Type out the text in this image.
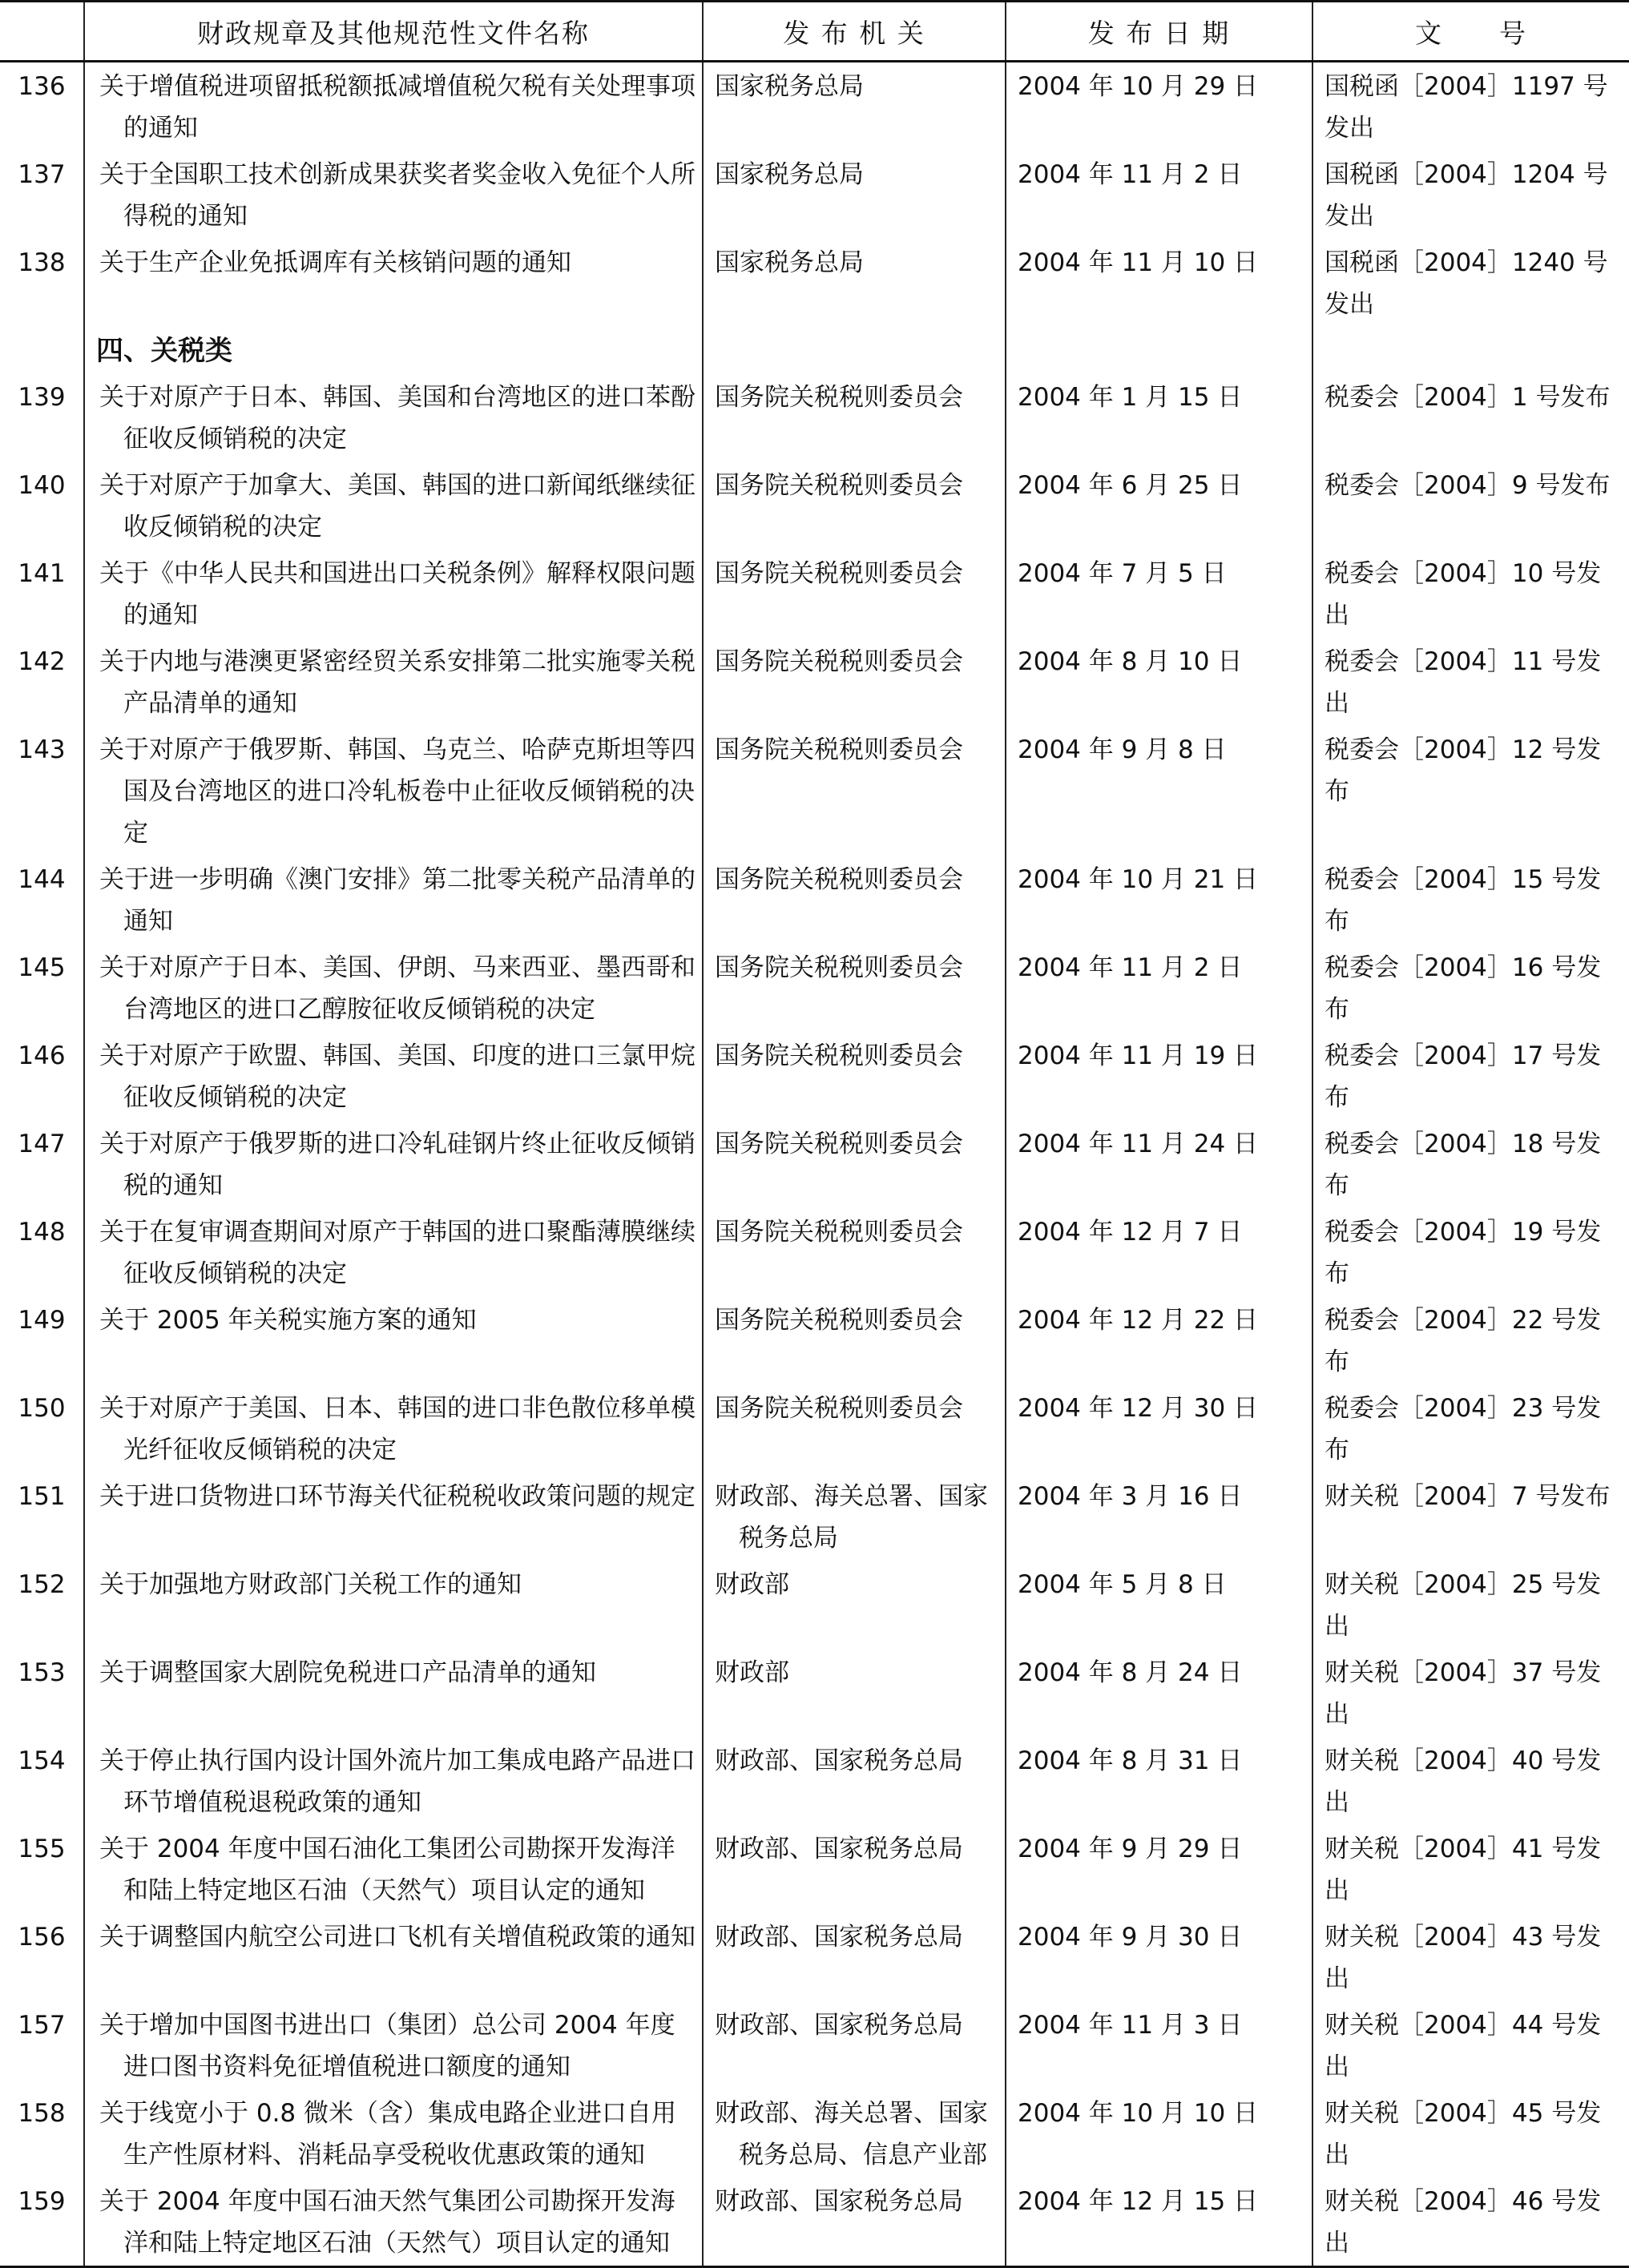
	财政规章及其他规范性文件名称	发 布 机 关	发 布 日 期	文　　号
136	关于增值税进项留抵税额抵减增值税欠税有关处理事项的通知	国家税务总局	2004 年 10 月 29 日	国税函［2004］1197 号发出
137	关于全国职工技术创新成果获奖者奖金收入免征个人所得税的通知	国家税务总局	2004 年 11 月 2 日	国税函［2004］1204 号发出
138	关于生产企业免抵调库有关核销问题的通知	国家税务总局	2004 年 11 月 10 日	国税函［2004］1240 号发出
	四、关税类			
139	关于对原产于日本、韩国、美国和台湾地区的进口苯酚征收反倾销税的决定	国务院关税税则委员会	2004 年 1 月 15 日	税委会［2004］1 号发布
140	关于对原产于加拿大、美国、韩国的进口新闻纸继续征收反倾销税的决定	国务院关税税则委员会	2004 年 6 月 25 日	税委会［2004］9 号发布
141	关于《中华人民共和国进出口关税条例》解释权限问题的通知	国务院关税税则委员会	2004 年 7 月 5 日	税委会［2004］10 号发出
142	关于内地与港澳更紧密经贸关系安排第二批实施零关税产品清单的通知	国务院关税税则委员会	2004 年 8 月 10 日	税委会［2004］11 号发出
143	关于对原产于俄罗斯、韩国、乌克兰、哈萨克斯坦等四国及台湾地区的进口冷轧板卷中止征收反倾销税的决定	国务院关税税则委员会	2004 年 9 月 8 日	税委会［2004］12 号发布
144	关于进一步明确《澳门安排》第二批零关税产品清单的通知	国务院关税税则委员会	2004 年 10 月 21 日	税委会［2004］15 号发布
145	关于对原产于日本、美国、伊朗、马来西亚、墨西哥和台湾地区的进口乙醇胺征收反倾销税的决定	国务院关税税则委员会	2004 年 11 月 2 日	税委会［2004］16 号发布
146	关于对原产于欧盟、韩国、美国、印度的进口三氯甲烷征收反倾销税的决定	国务院关税税则委员会	2004 年 11 月 19 日	税委会［2004］17 号发布
147	关于对原产于俄罗斯的进口冷轧硅钢片终止征收反倾销税的通知	国务院关税税则委员会	2004 年 11 月 24 日	税委会［2004］18 号发布
148	关于在复审调查期间对原产于韩国的进口聚酯薄膜继续征收反倾销税的决定	国务院关税税则委员会	2004 年 12 月 7 日	税委会［2004］19 号发布
149	关于 2005 年关税实施方案的通知	国务院关税税则委员会	2004 年 12 月 22 日	税委会［2004］22 号发布
150	关于对原产于美国、日本、韩国的进口非色散位移单模光纤征收反倾销税的决定	国务院关税税则委员会	2004 年 12 月 30 日	税委会［2004］23 号发布
151	关于进口货物进口环节海关代征税税收政策问题的规定	财政部、海关总署、国家税务总局	2004 年 3 月 16 日	财关税［2004］7 号发布
152	关于加强地方财政部门关税工作的通知	财政部	2004 年 5 月 8 日	财关税［2004］25 号发出
153	关于调整国家大剧院免税进口产品清单的通知	财政部	2004 年 8 月 24 日	财关税［2004］37 号发出
154	关于停止执行国内设计国外流片加工集成电路产品进口环节增值税退税政策的通知	财政部、国家税务总局	2004 年 8 月 31 日	财关税［2004］40 号发出
155	关于 2004 年度中国石油化工集团公司勘探开发海洋和陆上特定地区石油（天然气）项目认定的通知	财政部、国家税务总局	2004 年 9 月 29 日	财关税［2004］41 号发出
156	关于调整国内航空公司进口飞机有关增值税政策的通知	财政部、国家税务总局	2004 年 9 月 30 日	财关税［2004］43 号发出
157	关于增加中国图书进出口（集团）总公司 2004 年度进口图书资料免征增值税进口额度的通知	财政部、国家税务总局	2004 年 11 月 3 日	财关税［2004］44 号发出
158	关于线宽小于 0.8 微米（含）集成电路企业进口自用生产性原材料、消耗品享受税收优惠政策的通知	财政部、海关总署、国家税务总局、信息产业部	2004 年 10 月 10 日	财关税［2004］45 号发出
159	关于 2004 年度中国石油天然气集团公司勘探开发海洋和陆上特定地区石油（天然气）项目认定的通知	财政部、国家税务总局	2004 年 12 月 15 日	财关税［2004］46 号发出
